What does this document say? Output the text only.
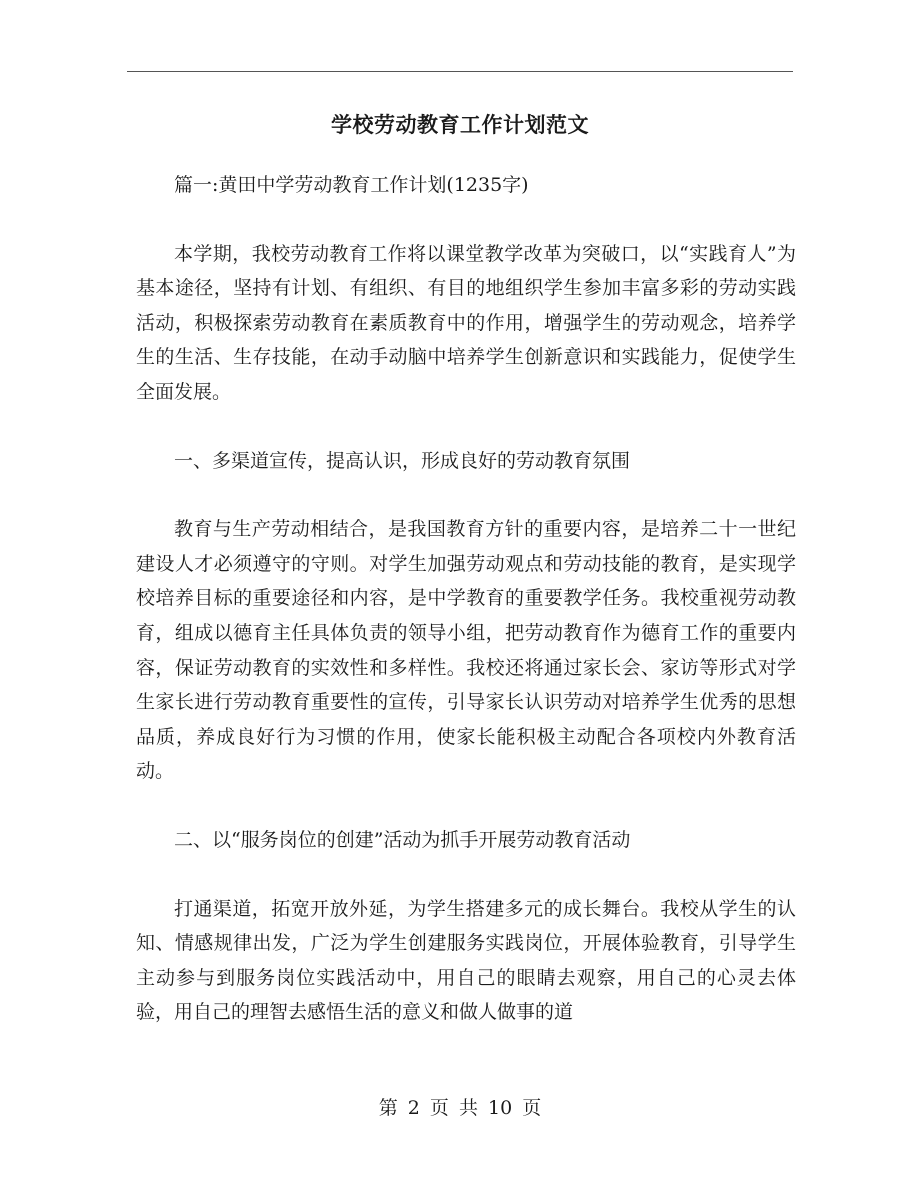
学校劳动教育工作计划范文

篇一:黄田中学劳动教育工作计划(1235字)

本学期，我校劳动教育工作将以课堂教学改革为突破口，以“实践育人”为基本途径，坚持有计划、有组织、有目的地组织学生参加丰富多彩的劳动实践活动，积极探索劳动教育在素质教育中的作用，增强学生的劳动观念，培养学生的生活、生存技能，在动手动脑中培养学生创新意识和实践能力，促使学生全面发展。

一、多渠道宣传，提高认识，形成良好的劳动教育氛围

教育与生产劳动相结合，是我国教育方针的重要内容，是培养二十一世纪建设人才必须遵守的守则。对学生加强劳动观点和劳动技能的教育，是实现学校培养目标的重要途径和内容，是中学教育的重要教学任务。我校重视劳动教育，组成以德育主任具体负责的领导小组，把劳动教育作为德育工作的重要内容，保证劳动教育的实效性和多样性。我校还将通过家长会、家访等形式对学生家长进行劳动教育重要性的宣传，引导家长认识劳动对培养学生优秀的思想品质，养成良好行为习惯的作用，使家长能积极主动配合各项校内外教育活动。

二、以“服务岗位的创建”活动为抓手开展劳动教育活动

打通渠道，拓宽开放外延，为学生搭建多元的成长舞台。我校从学生的认知、情感规律出发，广泛为学生创建服务实践岗位，开展体验教育，引导学生主动参与到服务岗位实践活动中，用自己的眼睛去观察，用自己的心灵去体验，用自己的理智去感悟生活的意义和做人做事的道

第 2 页 共 10 页
